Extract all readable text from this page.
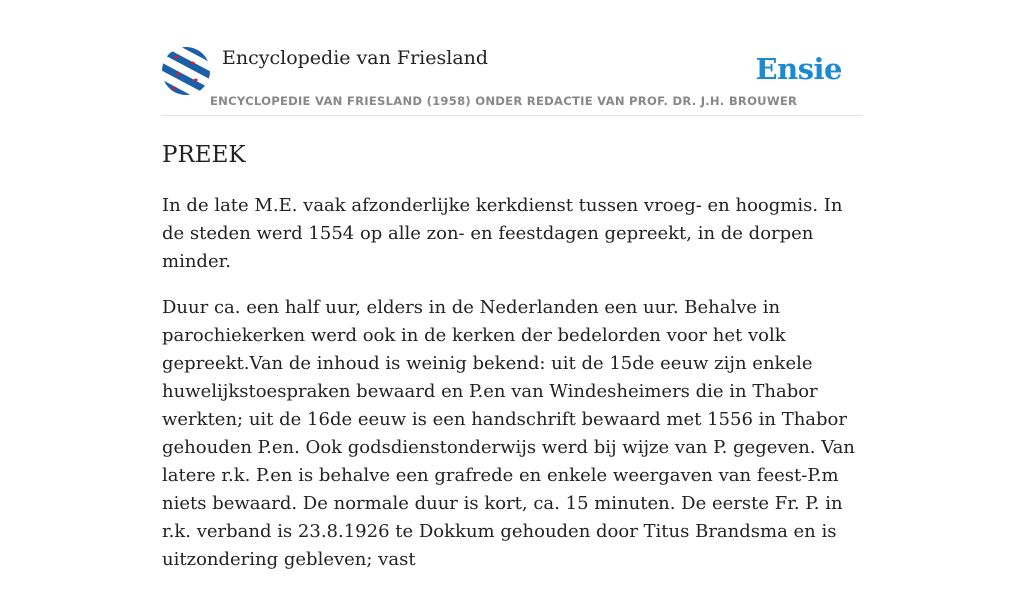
Encyclopedie van Friesland	Ensie
ENCYCLOPEDIE VAN FRIESLAND (1958) ONDER REDACTIE VAN PROF. DR. J.H. BROUWER
PREEK

In de late M.E. vaak afzonderlijke kerkdienst tussen vroeg- en hoogmis. In de steden werd 1554 op alle zon- en feestdagen gepreekt, in de dorpen minder.

Duur ca. een half uur, elders in de Nederlanden een uur. Behalve in parochiekerken werd ook in de kerken der bedelorden voor het volk gepreekt.Van de inhoud is weinig bekend: uit de 15de eeuw zijn enkele huwelijkstoespraken bewaard en P.en van Windesheimers die in Thabor werkten; uit de 16de eeuw is een handschrift bewaard met 1556 in Thabor gehouden P.en. Ook godsdienstonderwijs werd bij wijze van P. gegeven. Van latere r.k. P.en is behalve een grafrede en enkele weergaven van feest-P.m niets bewaard. De normale duur is kort, ca. 15 minuten. De eerste Fr. P. in r.k. verband is 23.8.1926 te Dokkum gehouden door Titus Brandsma en is uitzondering gebleven; vast
